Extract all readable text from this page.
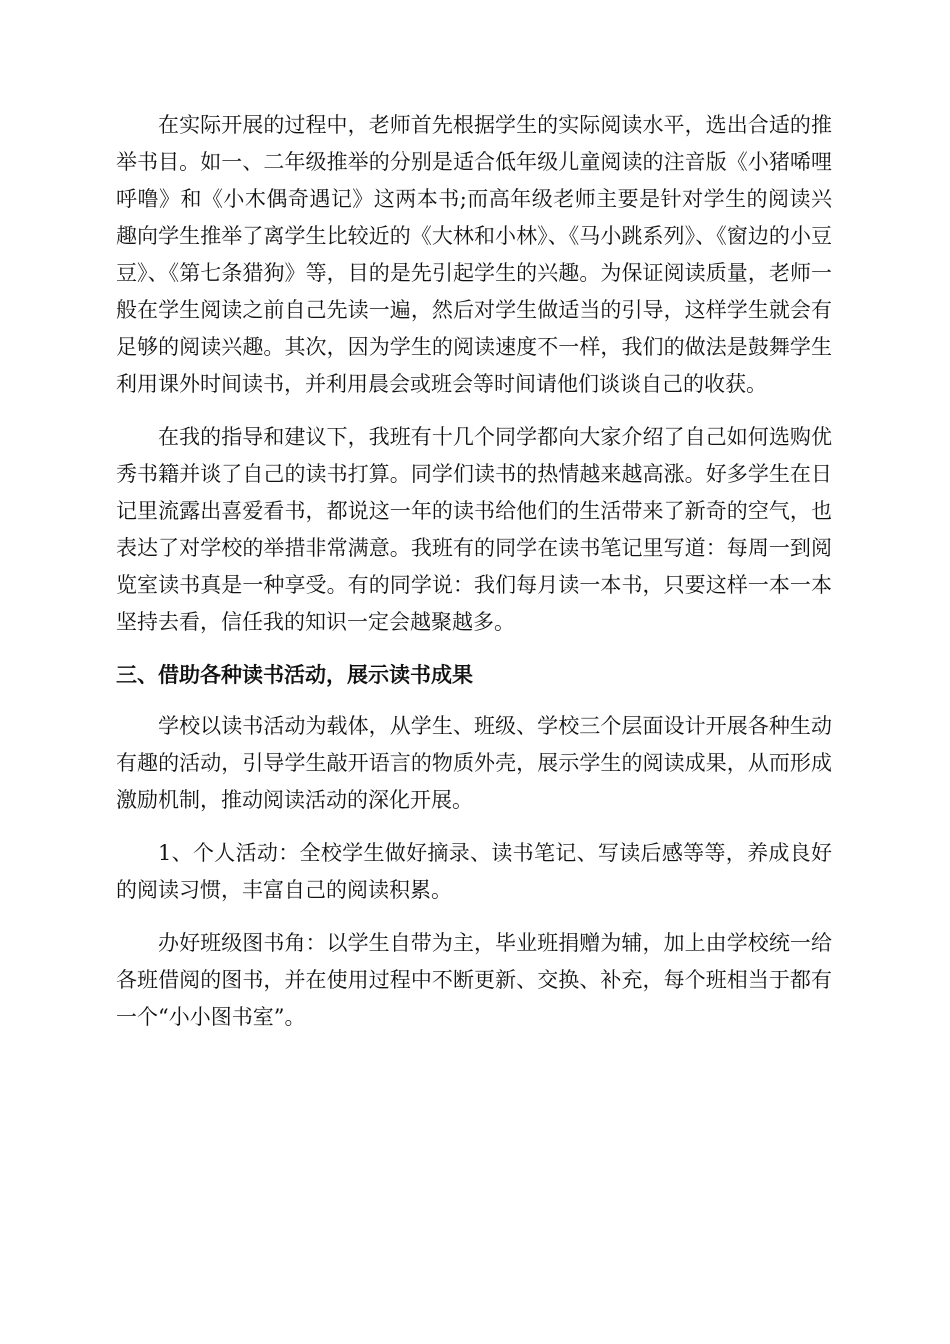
在实际开展的过程中，老师首先根据学生的实际阅读水平，选出合适的推举书目。如一、二年级推举的分别是适合低年级儿童阅读的注音版《小猪唏哩呼噜》和《小木偶奇遇记》这两本书;而高年级老师主要是针对学生的阅读兴趣向学生推举了离学生比较近的《大林和小林》、《马小跳系列》、《窗边的小豆豆》、《第七条猎狗》等，目的是先引起学生的兴趣。为保证阅读质量，老师一般在学生阅读之前自己先读一遍，然后对学生做适当的引导，这样学生就会有足够的阅读兴趣。其次，因为学生的阅读速度不一样，我们的做法是鼓舞学生利用课外时间读书，并利用晨会或班会等时间请他们谈谈自己的收获。

在我的指导和建议下，我班有十几个同学都向大家介绍了自己如何选购优秀书籍并谈了自己的读书打算。同学们读书的热情越来越高涨。好多学生在日记里流露出喜爱看书，都说这一年的读书给他们的生活带来了新奇的空气，也表达了对学校的举措非常满意。我班有的同学在读书笔记里写道：每周一到阅览室读书真是一种享受。有的同学说：我们每月读一本书，只要这样一本一本坚持去看，信任我的知识一定会越聚越多。

三、借助各种读书活动，展示读书成果

学校以读书活动为载体，从学生、班级、学校三个层面设计开展各种生动有趣的活动，引导学生敲开语言的物质外壳，展示学生的阅读成果，从而形成激励机制，推动阅读活动的深化开展。

1、个人活动：全校学生做好摘录、读书笔记、写读后感等等，养成良好的阅读习惯，丰富自己的阅读积累。

办好班级图书角：以学生自带为主，毕业班捐赠为辅，加上由学校统一给各班借阅的图书，并在使用过程中不断更新、交换、补充，每个班相当于都有一个“小小图书室”。
